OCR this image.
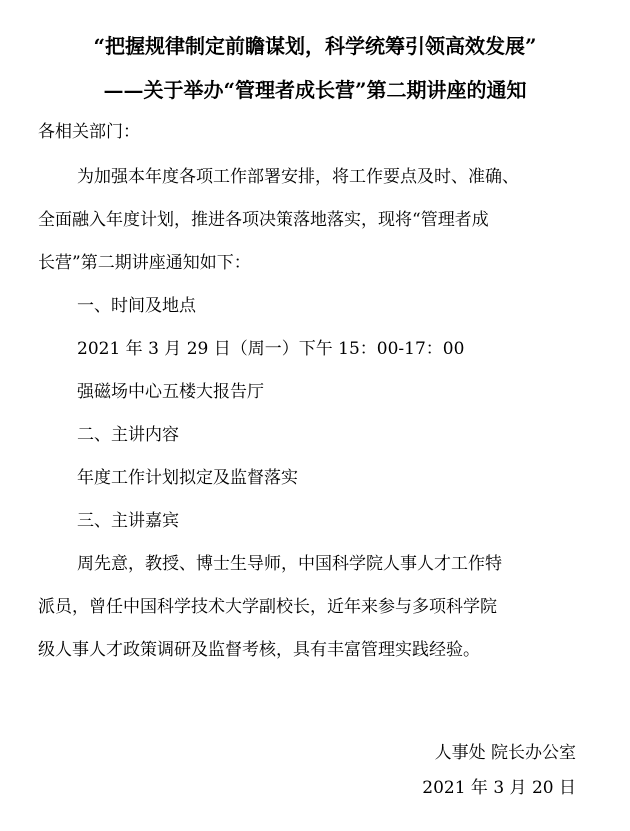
“把握规律制定前瞻谋划，科学统筹引领高效发展”
——关于举办“管理者成长营”第二期讲座的通知
各相关部门：
为加强本年度各项工作部署安排，将工作要点及时、准确、
全面融入年度计划，推进各项决策落地落实，现将“管理者成
长营”第二期讲座通知如下：
一、时间及地点
2021 年 3 月 29 日（周一）下午 15：00-17：00
强磁场中心五楼大报告厅
二、主讲内容
年度工作计划拟定及监督落实
三、主讲嘉宾
周先意，教授、博士生导师，中国科学院人事人才工作特
派员，曾任中国科学技术大学副校长，近年来参与多项科学院
级人事人才政策调研及监督考核，具有丰富管理实践经验。
人事处 院长办公室
2021 年 3 月 20 日
